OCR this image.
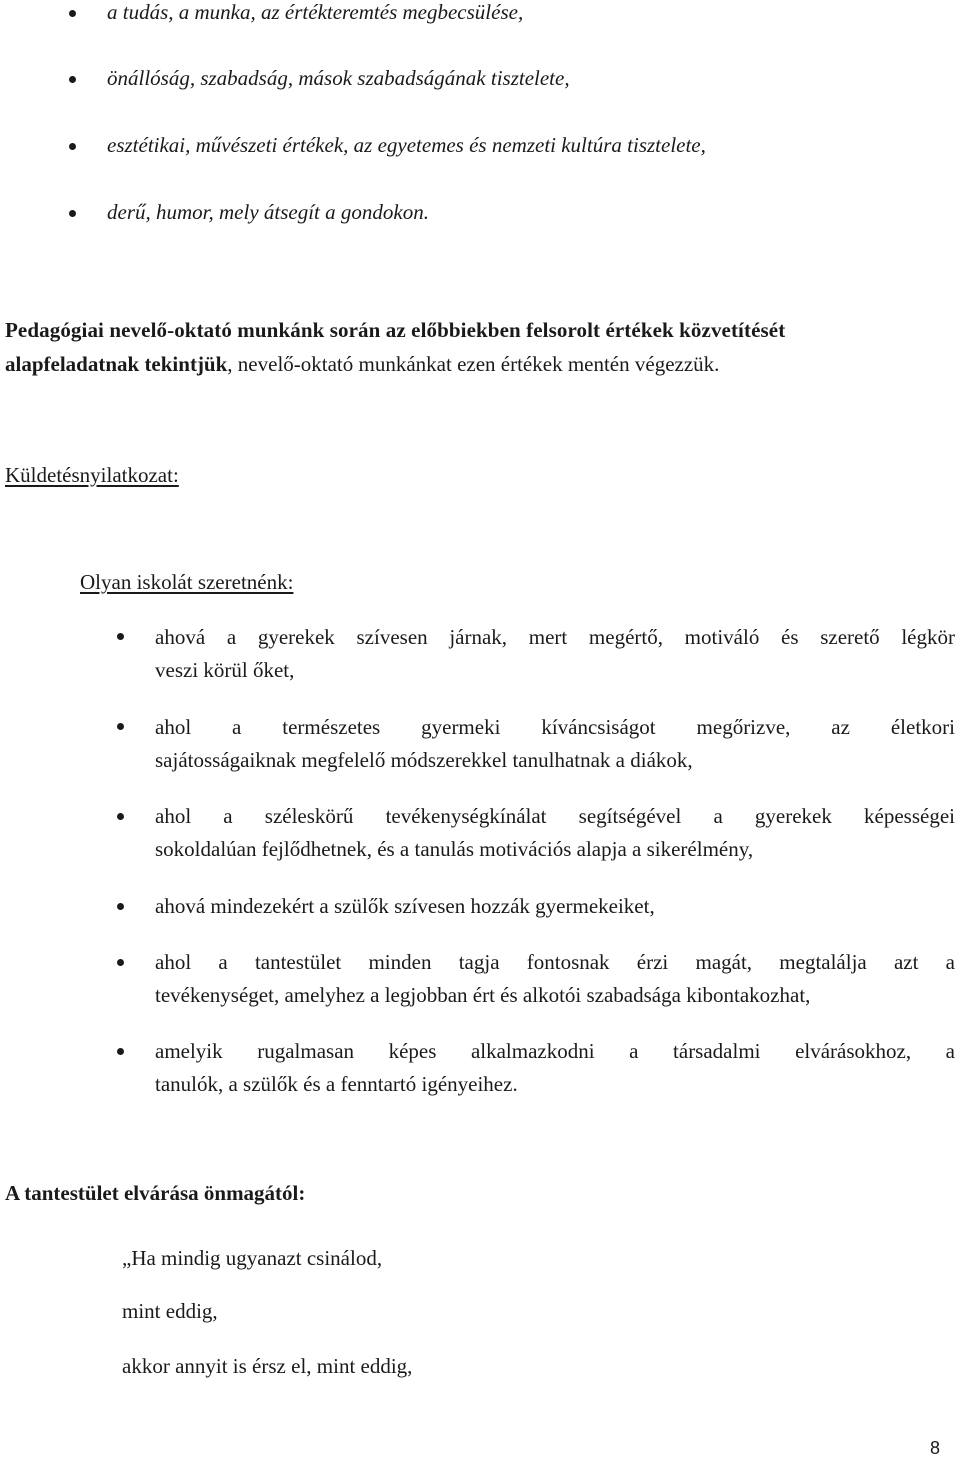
a tudás, a munka, az értékteremtés megbecsülése,
önállóság, szabadság, mások szabadságának tisztelete,
esztétikai, művészeti értékek, az egyetemes és nemzeti kultúra tisztelete,
derű, humor, mely átsegít a gondokon.
Pedagógiai nevelő-oktató munkánk során az előbbiekben felsorolt értékek közvetítését
alapfeladatnak tekintjük, nevelő-oktató munkánkat ezen értékek mentén végezzük.
Küldetésnyilatkozat:
Olyan iskolát szeretnénk:
ahová a gyerekek szívesen járnak, mert megértő, motiváló és szerető légkör
veszi körül őket,
ahol a természetes gyermeki kíváncsiságot megőrizve, az életkori
sajátosságaiknak megfelelő módszerekkel tanulhatnak a diákok,
ahol a széleskörű tevékenységkínálat segítségével a gyerekek képességei
sokoldalúan fejlődhetnek, és a tanulás motivációs alapja a sikerélmény,
ahová mindezekért a szülők szívesen hozzák gyermekeiket,
ahol a tantestület minden tagja fontosnak érzi magát, megtalálja azt a
tevékenységet, amelyhez a legjobban ért és alkotói szabadsága kibontakozhat,
amelyik rugalmasan képes alkalmazkodni a társadalmi elvárásokhoz, a
tanulók, a szülők és a fenntartó igényeihez.
A tantestület elvárása önmagától:
„Ha mindig ugyanazt csinálod,
mint eddig,
akkor annyit is érsz el, mint eddig,
8
